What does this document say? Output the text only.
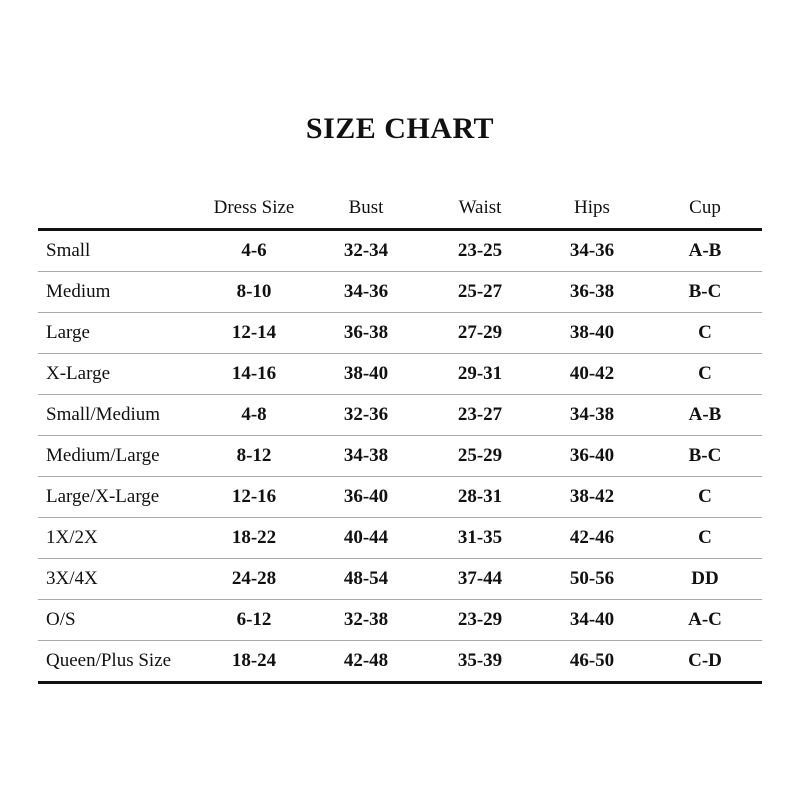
SIZE CHART
	Dress Size	Bust	Waist	Hips	Cup
Small	4-6	32-34	23-25	34-36	A-B
Medium	8-10	34-36	25-27	36-38	B-C
Large	12-14	36-38	27-29	38-40	C
X-Large	14-16	38-40	29-31	40-42	C
Small/Medium	4-8	32-36	23-27	34-38	A-B
Medium/Large	8-12	34-38	25-29	36-40	B-C
Large/X-Large	12-16	36-40	28-31	38-42	C
1X/2X	18-22	40-44	31-35	42-46	C
3X/4X	24-28	48-54	37-44	50-56	DD
O/S	6-12	32-38	23-29	34-40	A-C
Queen/Plus Size	18-24	42-48	35-39	46-50	C-D
